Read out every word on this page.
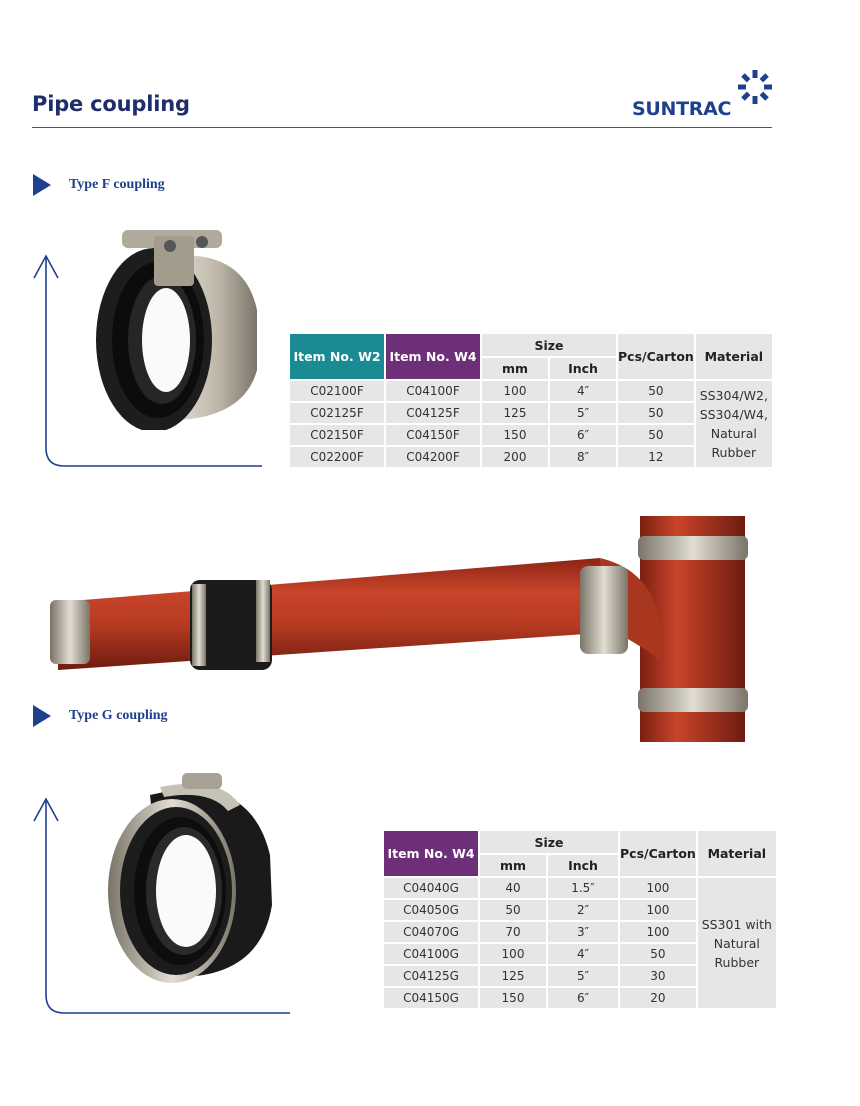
Pipe coupling	SUNTRAC
Type F coupling
Item No. W2	Item No. W4	Size		Pcs/Carton	Material
		mm	Inch		
C02100F	C04100F	100	4″	50	SS304/W2,
SS304/W4,
Natural
Rubber

C02125F	C04125F	125	5″	50	
C02150F	C04150F	150	6″	50	
C02200F	C04200F	200	8″	12	
Type G coupling
Item No. W4	Size		Pcs/Carton	Material
	mm	Inch		
C04040G	40	1.5″	100	SS301 with
Natural
Rubber

C04050G	50	2″	100	
C04070G	70	3″	100	
C04100G	100	4″	50	
C04125G	125	5″	30	
C04150G	150	6″	20	
